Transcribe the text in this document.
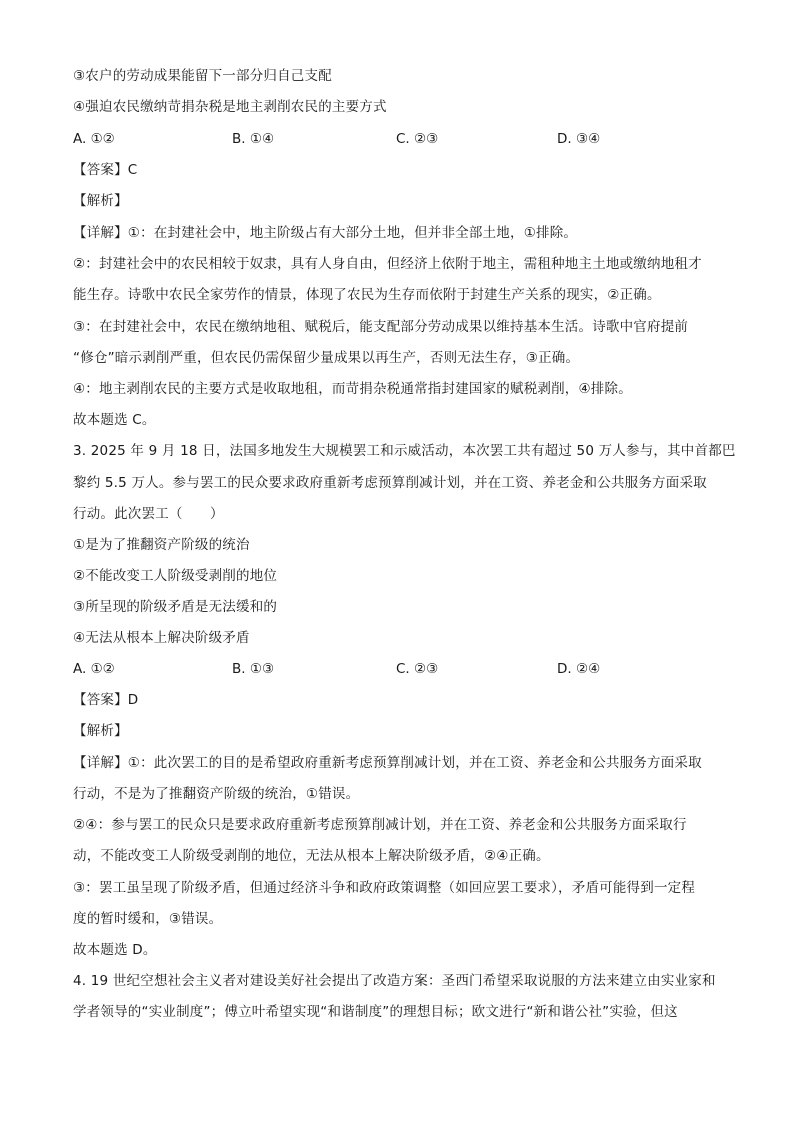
③农户的劳动成果能留下一部分归自己支配
④强迫农民缴纳苛捐杂税是地主剥削农民的主要方式
A. ①②	B. ①④	C. ②③	D. ③④
【答案】C
【解析】
【详解】①：在封建社会中，地主阶级占有大部分土地，但并非全部土地，①排除。
②：封建社会中的农民相较于奴隶，具有人身自由，但经济上依附于地主，需租种地主土地或缴纳地租才
能生存。诗歌中农民全家劳作的情景，体现了农民为生存而依附于封建生产关系的现实，②正确。
③：在封建社会中，农民在缴纳地租、赋税后，能支配部分劳动成果以维持基本生活。诗歌中官府提前
“修仓”暗示剥削严重，但农民仍需保留少量成果以再生产，否则无法生存，③正确。
④：地主剥削农民的主要方式是收取地租，而苛捐杂税通常指封建国家的赋税剥削，④排除。
故本题选 C。
3. 2025 年 9 月 18 日，法国多地发生大规模罢工和示威活动，本次罢工共有超过 50 万人参与，其中首都巴
黎约 5.5 万人。参与罢工的民众要求政府重新考虑预算削减计划，并在工资、养老金和公共服务方面采取
行动。此次罢工（　　）
①是为了推翻资产阶级的统治
②不能改变工人阶级受剥削的地位
③所呈现的阶级矛盾是无法缓和的
④无法从根本上解决阶级矛盾
A. ①②	B. ①③	C. ②③	D. ②④
【答案】D
【解析】
【详解】①：此次罢工的目的是希望政府重新考虑预算削减计划，并在工资、养老金和公共服务方面采取
行动，不是为了推翻资产阶级的统治，①错误。
②④：参与罢工的民众只是要求政府重新考虑预算削减计划，并在工资、养老金和公共服务方面采取行
动，不能改变工人阶级受剥削的地位，无法从根本上解决阶级矛盾，②④正确。
③：罢工虽呈现了阶级矛盾，但通过经济斗争和政府政策调整（如回应罢工要求），矛盾可能得到一定程
度的暂时缓和，③错误。
故本题选 D。
4. 19 世纪空想社会主义者对建设美好社会提出了改造方案：圣西门希望采取说服的方法来建立由实业家和
学者领导的“实业制度”；傅立叶希望实现“和谐制度”的理想目标；欧文进行“新和谐公社”实验，但这
